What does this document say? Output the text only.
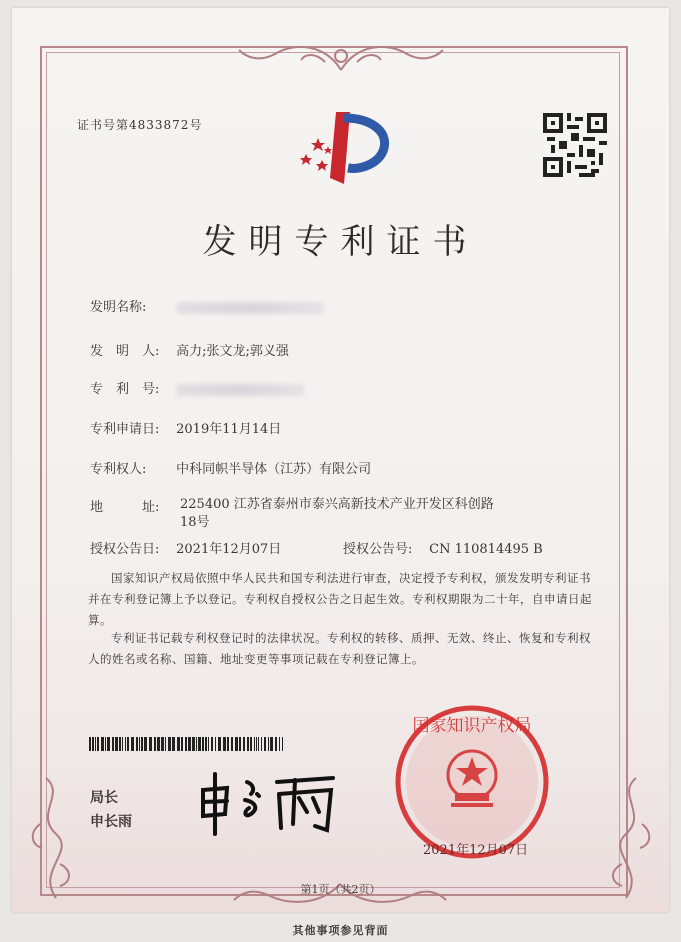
证书号第4833872号
发明专利证书
发明名称:
发　明　人: 高力;张文龙;郭义强
专　利　号:
专利申请日: 2019年11月14日
专利权人: 中科同帜半导体（江苏）有限公司
地　　　址:	225400 江苏省泰州市泰兴高新技术产业开发区科创路18号
授权公告日: 2021年12月07日	授权公告号: CN 110814495 B
国家知识产权局依照中华人民共和国专利法进行审查，决定授予专利权，颁发发明专利证书并在专利登记簿上予以登记。专利权自授权公告之日起生效。专利权期限为二十年，自申请日起算。
专利证书记载专利权登记时的法律状况。专利权的转移、质押、无效、终止、恢复和专利权人的姓名或名称、国籍、地址变更等事项记载在专利登记簿上。
局长
申长雨
国家知识产权局
2021年12月07日
第1页（共2页）
其他事项参见背面
